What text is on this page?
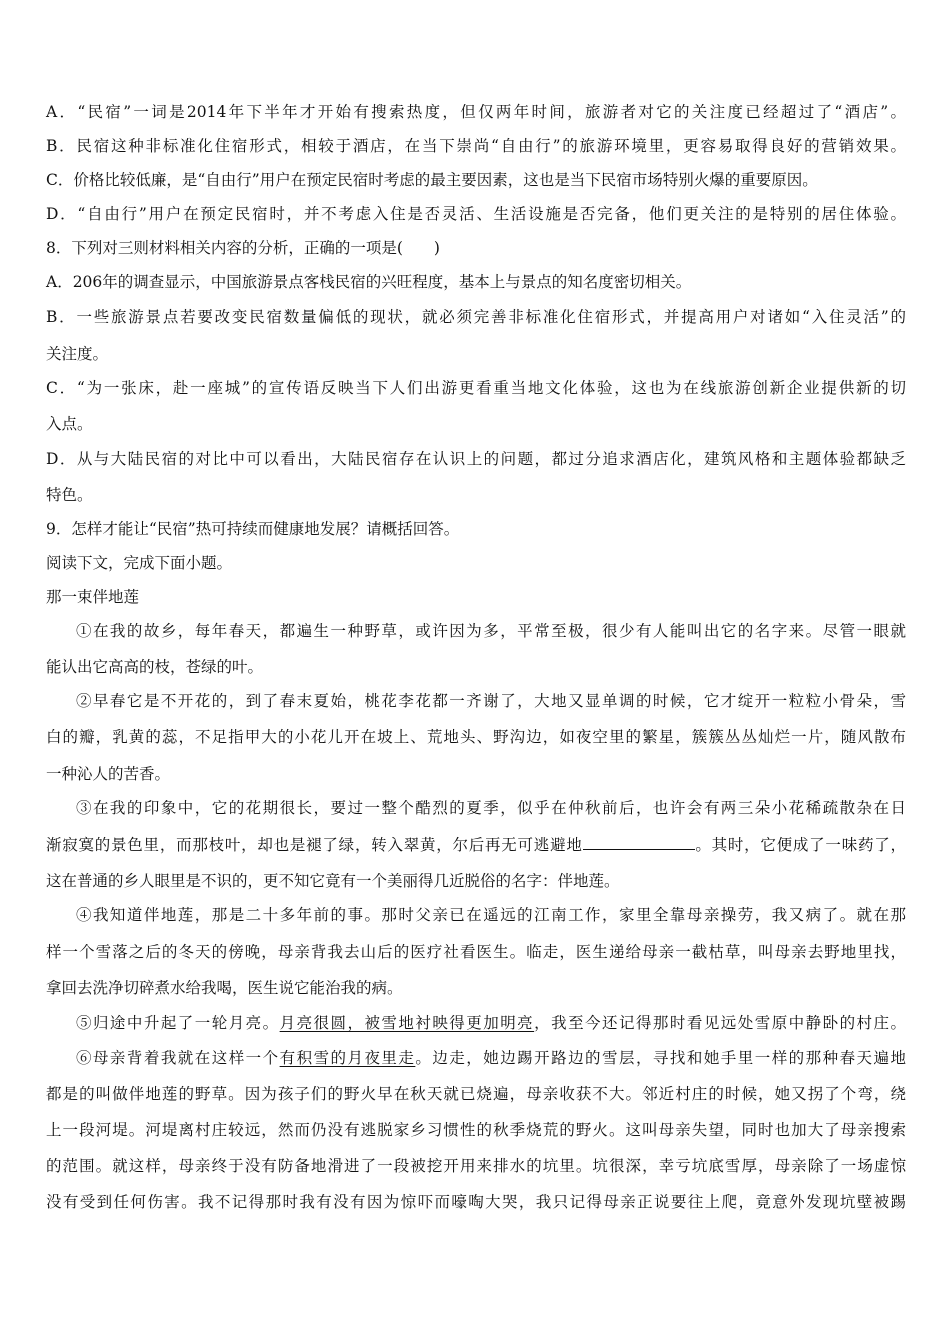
A．“民宿”一词是2014年下半年才开始有搜索热度，但仅两年时间，旅游者对它的关注度已经超过了“酒店”。
B．民宿这种非标准化住宿形式，相较于酒店，在当下崇尚“自由行”的旅游环境里，更容易取得良好的营销效果。
C．价格比较低廉，是“自由行”用户在预定民宿时考虑的最主要因素，这也是当下民宿市场特别火爆的重要原因。
D．“自由行”用户在预定民宿时，并不考虑入住是否灵活、生活设施是否完备，他们更关注的是特别的居住体验。
8．下列对三则材料相关内容的分析，正确的一项是(　　)
A．206年的调查显示，中国旅游景点客栈民宿的兴旺程度，基本上与景点的知名度密切相关。
B．一些旅游景点若要改变民宿数量偏低的现状，就必须完善非标准化住宿形式，并提高用户对诸如“入住灵活”的
关注度。
C．“为一张床，赴一座城”的宣传语反映当下人们出游更看重当地文化体验，这也为在线旅游创新企业提供新的切
入点。
D．从与大陆民宿的对比中可以看出，大陆民宿存在认识上的问题，都过分追求酒店化，建筑风格和主题体验都缺乏
特色。
9．怎样才能让“民宿”热可持续而健康地发展？请概括回答。
阅读下文，完成下面小题。
那一束伴地莲
①在我的故乡，每年春天，都遍生一种野草，或许因为多，平常至极，很少有人能叫出它的名字来。尽管一眼就
能认出它高高的枝，苍绿的叶。
②早春它是不开花的，到了春末夏始，桃花李花都一齐谢了，大地又显单调的时候，它才绽开一粒粒小骨朵，雪
白的瓣，乳黄的蕊，不足指甲大的小花儿开在坡上、荒地头、野沟边，如夜空里的繁星，簇簇丛丛灿烂一片，随风散布
一种沁人的苦香。
③在我的印象中，它的花期很长，要过一整个酷烈的夏季，似乎在仲秋前后，也许会有两三朵小花稀疏散杂在日
渐寂寞的景色里，而那枝叶，却也是褪了绿，转入翠黄，尔后再无可逃避地	。其时，它便成了一味药了，
这在普通的乡人眼里是不识的，更不知它竟有一个美丽得几近脱俗的名字：伴地莲。
④我知道伴地莲，那是二十多年前的事。那时父亲已在遥远的江南工作，家里全靠母亲操劳，我又病了。就在那
样一个雪落之后的冬天的傍晚，母亲背我去山后的医疗社看医生。临走，医生递给母亲一截枯草，叫母亲去野地里找，
拿回去洗净切碎煮水给我喝，医生说它能治我的病。
⑤归途中升起了一轮月亮。月亮很圆，被雪地衬映得更加明亮，我至今还记得那时看见远处雪原中静卧的村庄。
⑥母亲背着我就在这样一个有积雪的月夜里走。边走，她边踢开路边的雪层，寻找和她手里一样的那种春天遍地
都是的叫做伴地莲的野草。因为孩子们的野火早在秋天就已烧遍，母亲收获不大。邻近村庄的时候，她又拐了个弯，绕
上一段河堤。河堤离村庄较远，然而仍没有逃脱家乡习惯性的秋季烧荒的野火。这叫母亲失望，同时也加大了母亲搜索
的范围。就这样，母亲终于没有防备地滑进了一段被挖开用来排水的坑里。坑很深，幸亏坑底雪厚，母亲除了一场虚惊
没有受到任何伤害。我不记得那时我有没有因为惊吓而嚎啕大哭，我只记得母亲正说要往上爬，竟意外发现坑壁被踢
